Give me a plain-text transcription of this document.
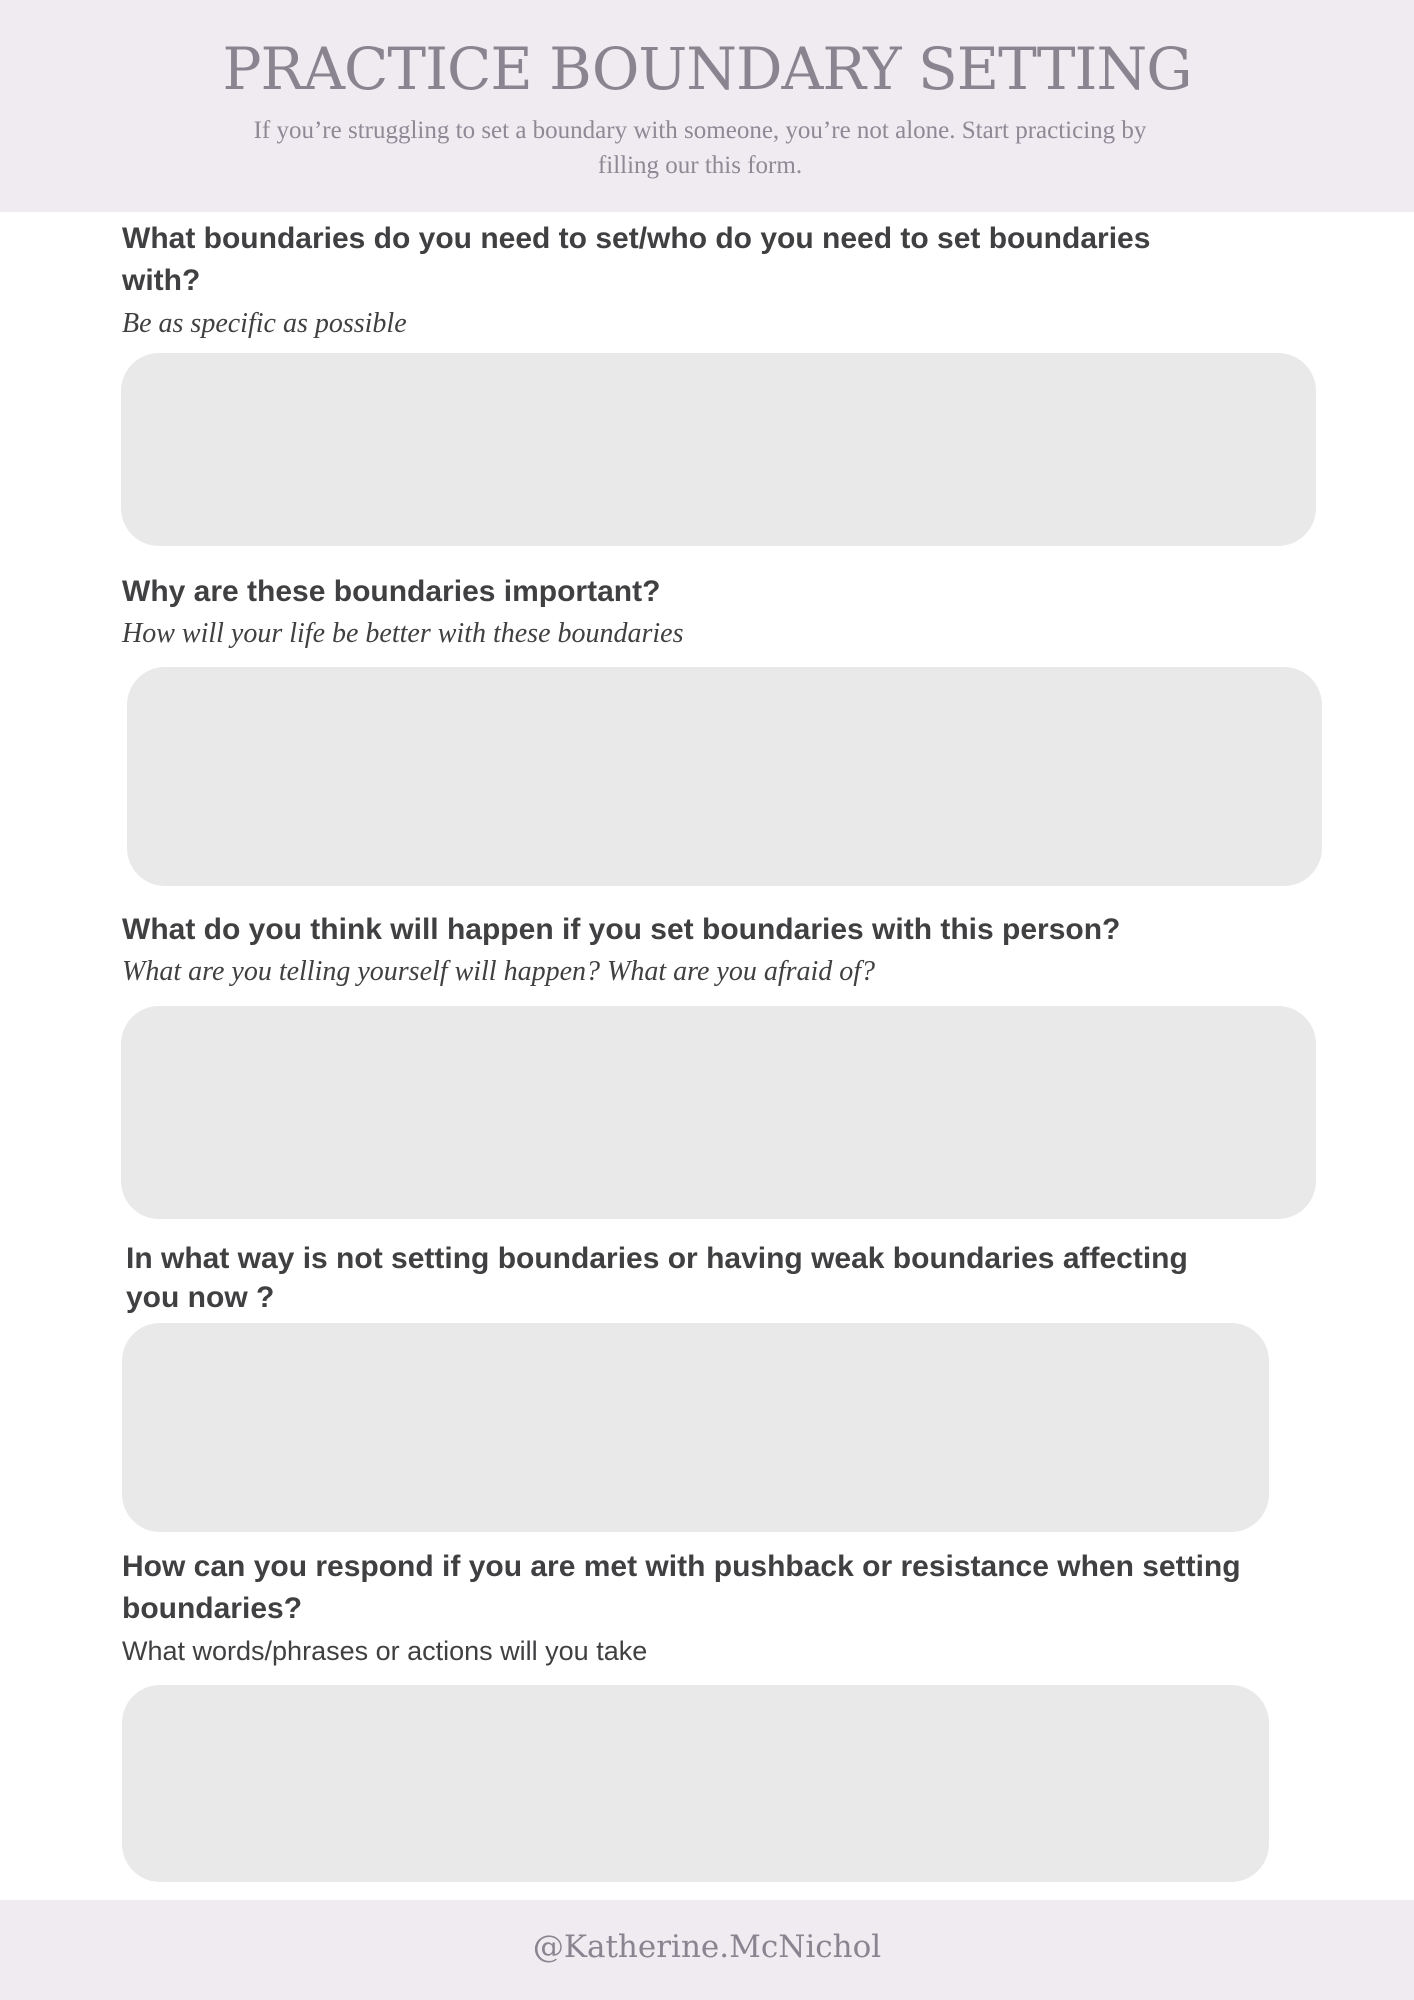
PRACTICE BOUNDARY SETTING

If you’re struggling to set a boundary with someone, you’re not alone. Start practicing by filling our this form.

What boundaries do you need to set/who do you need to set boundaries with?

Be as specific as possible

Why are these boundaries important?

How will your life be better with these boundaries

What do you think will happen if you set boundaries with this person?

What are you telling yourself will happen? What are you afraid of?

In what way is not setting boundaries or having weak boundaries affecting you now ?

How can you respond if you are met with pushback or resistance when setting boundaries?

What words/phrases or actions will you take

@Katherine.McNichol
